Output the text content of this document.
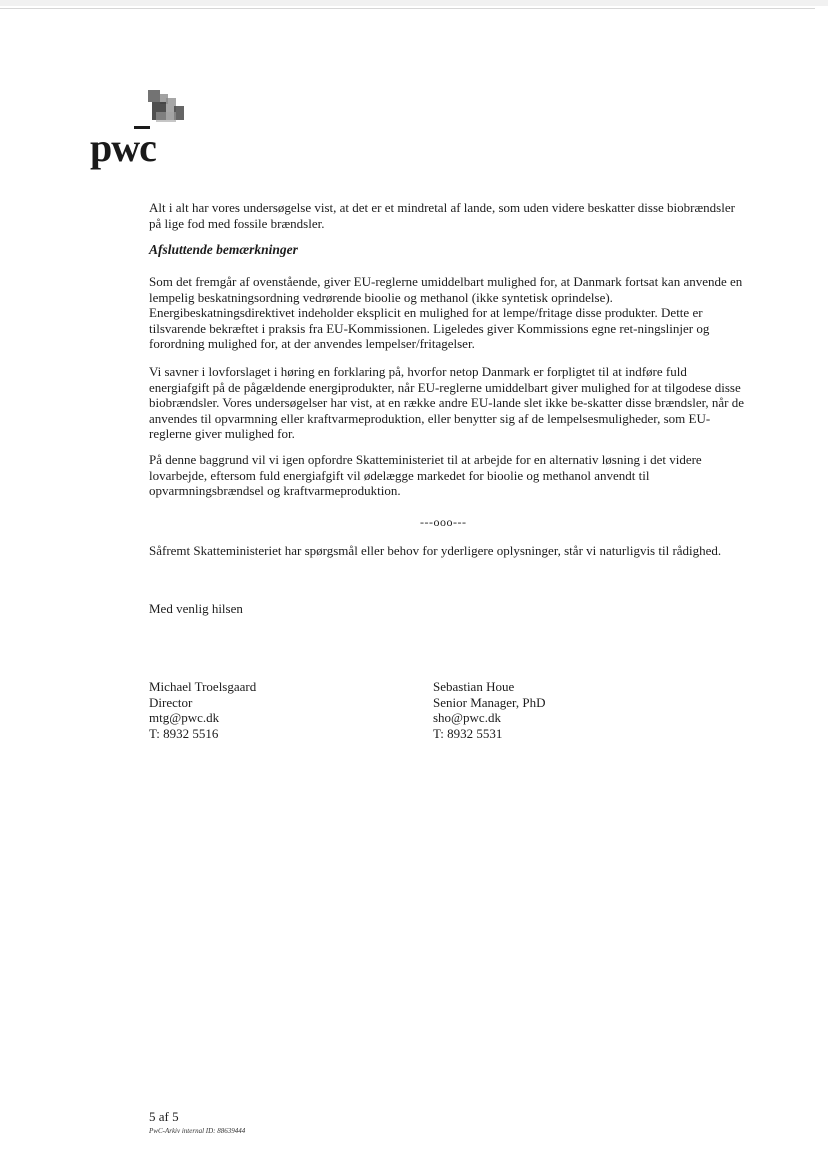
pwc

Alt i alt har vores undersøgelse vist, at det er et mindretal af lande, som uden videre beskatter disse biobrændsler på lige fod med fossile brændsler.

Afsluttende bemærkninger

Som det fremgår af ovenstående, giver EU-reglerne umiddelbart mulighed for, at Danmark fortsat kan anvende en lempelig beskatningsordning vedrørende bioolie og methanol (ikke syntetisk oprindelse). Energibeskatningsdirektivet indeholder eksplicit en mulighed for at lempe/fritage disse produkter. Dette er tilsvarende bekræftet i praksis fra EU-Kommissionen. Ligeledes giver Kommissions egne ret-ningslinjer og forordning mulighed for, at der anvendes lempelser/fritagelser.

Vi savner i lovforslaget i høring en forklaring på, hvorfor netop Danmark er forpligtet til at indføre fuld energiafgift på de pågældende energiprodukter, når EU-reglerne umiddelbart giver mulighed for at tilgodese disse biobrændsler. Vores undersøgelser har vist, at en række andre EU-lande slet ikke be-skatter disse brændsler, når de anvendes til opvarmning eller kraftvarmeproduktion, eller benytter sig af de lempelsesmuligheder, som EU-reglerne giver mulighed for.

På denne baggrund vil vi igen opfordre Skatteministeriet til at arbejde for en alternativ løsning i det videre lovarbejde, eftersom fuld energiafgift vil ødelægge markedet for bioolie og methanol anvendt til opvarmningsbrændsel og kraftvarmeproduktion.

---ooo---

Såfremt Skatteministeriet har spørgsmål eller behov for yderligere oplysninger, står vi naturligvis til rådighed.

Med venlig hilsen

Michael Troelsgaard
Director
mtg@pwc.dk
T: 8932 5516
Sebastian Houe
Senior Manager, PhD
sho@pwc.dk
T: 8932 5531
5 af 5
PwC-Arkiv internal ID: 88639444
